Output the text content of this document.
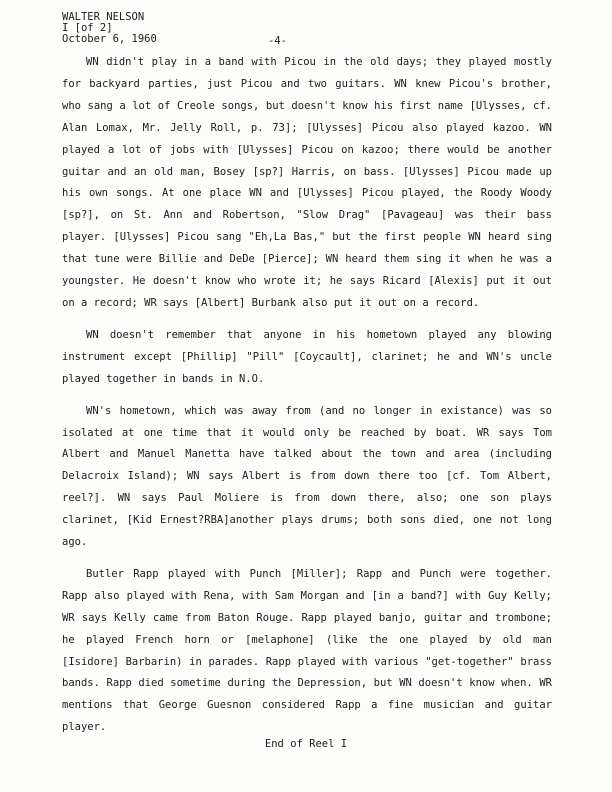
WALTER NELSON
I [of 2]
October 6, 1960	-4-

WN didn't play in a band with Picou in the old days; they played mostly for backyard parties, just Picou and two guitars. WN knew Picou's brother, who sang a lot of Creole songs, but doesn't know his first name [Ulysses, cf. Alan Lomax, Mr. Jelly Roll, p. 73]; [Ulysses] Picou also played kazoo. WN played a lot of jobs with [Ulysses] Picou on kazoo; there would be another guitar and an old man, Bosey [sp?] Harris, on bass. [Ulysses] Picou made up his own songs. At one place WN and [Ulysses] Picou played, the Roody Woody [sp?], on St. Ann and Robertson, "Slow Drag" [Pavageau] was their bass player. [Ulysses] Picou sang "Eh,La Bas," but the first people WN heard sing that tune were Billie and DeDe [Pierce]; WN heard them sing it when he was a youngster. He doesn't know who wrote it; he says Ricard [Alexis] put it out on a record; WR says [Albert] Burbank also put it out on a record.

WN doesn't remember that anyone in his hometown played any blowing instrument except [Phillip] "Pill" [Coycault], clarinet; he and WN's uncle played together in bands in N.O.

WN's hometown, which was away from (and no longer in existance) was so isolated at one time that it would only be reached by boat. WR says Tom Albert and Manuel Manetta have talked about the town and area (including Delacroix Island); WN says Albert is from down there too [cf. Tom Albert, reel?]. WN says Paul Moliere is from down there, also; one son plays clarinet, [Kid Ernest?RBA]another plays drums; both sons died, one not long ago.

Butler Rapp played with Punch [Miller]; Rapp and Punch were together. Rapp also played with Rena, with Sam Morgan and [in a band?] with Guy Kelly; WR says Kelly came from Baton Rouge. Rapp played banjo, guitar and trombone; he played French horn or [melaphone] (like the one played by old man [Isidore] Barbarin) in parades. Rapp played with various "get-together" brass bands. Rapp died sometime during the Depression, but WN doesn't know when. WR mentions that George Guesnon considered Rapp a fine musician and guitar player.

End of Reel I
